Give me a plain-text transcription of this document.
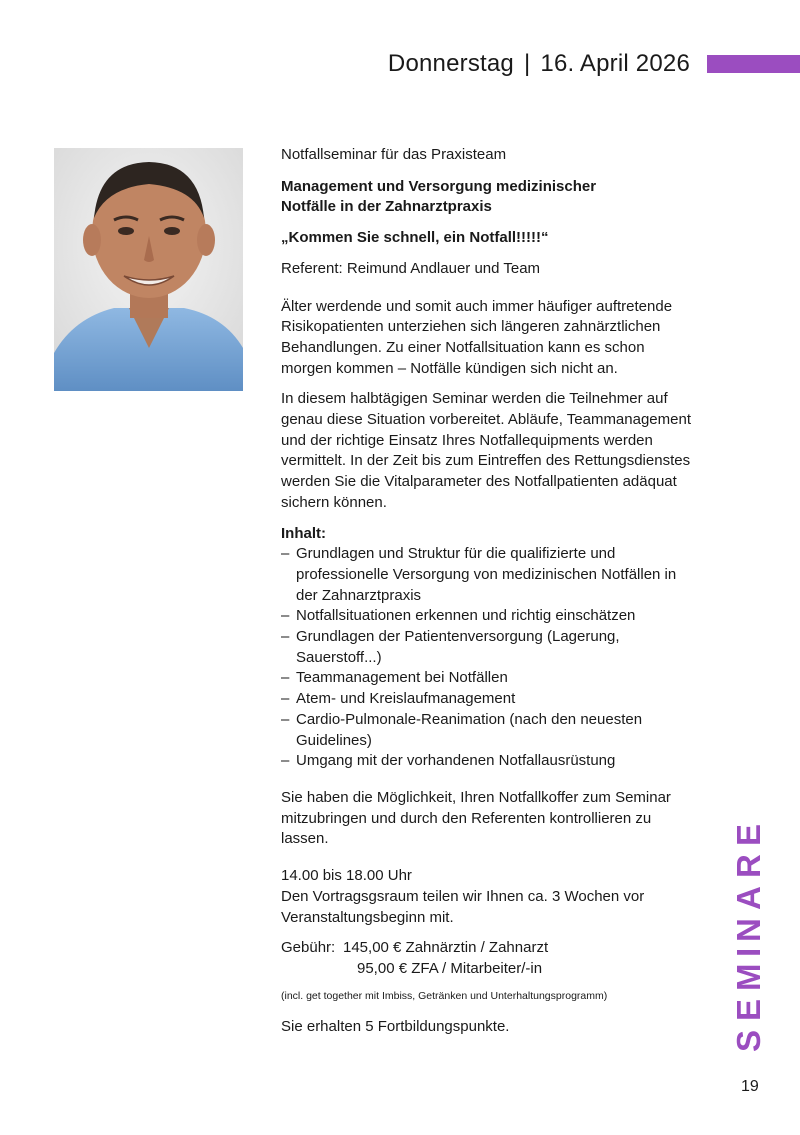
Donnerstag | 16. April 2026

Notfallseminar für das Praxisteam

Management und Versorgung medizinischer
Notfälle in der Zahnarztpraxis

„Kommen Sie schnell, ein Notfall!!!!!“

Referent: Reimund Andlauer und Team

Älter werdende und somit auch immer häufiger auftretende Risikopatienten unterziehen sich längeren zahnärztlichen Behandlungen. Zu einer Notfallsituation kann es schon morgen kommen – Notfälle kündigen sich nicht an.

In diesem halbtägigen Seminar werden die Teilnehmer auf genau diese Situation vorbereitet. Abläufe, Teammanagement und der richtige Einsatz Ihres Notfallequipments werden vermittelt. In der Zeit bis zum Eintreffen des Rettungsdienstes werden Sie die Vitalparameter des Notfallpatienten adäquat sichern können.

Inhalt:

– Grundlagen und Struktur für die qualifizierte und professionelle Versorgung von medizinischen Notfällen in der Zahnarztpraxis
– Notfallsituationen erkennen und richtig einschätzen
– Grundlagen der Patientenversorgung (Lagerung, Sauerstoff...)
– Teammanagement bei Notfällen
– Atem- und Kreislaufmanagement
– Cardio-Pulmonale-Reanimation (nach den neuesten Guidelines)
– Umgang mit der vorhandenen Notfallausrüstung

Sie haben die Möglichkeit, Ihren Notfallkoffer zum Seminar mitzubringen und durch den Referenten kontrollieren zu lassen.

14.00 bis 18.00 Uhr

Den Vortragsgsraum teilen wir Ihnen ca. 3 Wochen vor Veranstaltungsbeginn mit.

Gebühr: 145,00 € Zahnärztin / Zahnarzt
95,00 € ZFA / Mitarbeiter/-in

(incl. get together mit Imbiss, Getränken und Unterhaltungsprogramm)

Sie erhalten 5 Fortbildungspunkte.

S
E
M
I
N
A
R
E
19
